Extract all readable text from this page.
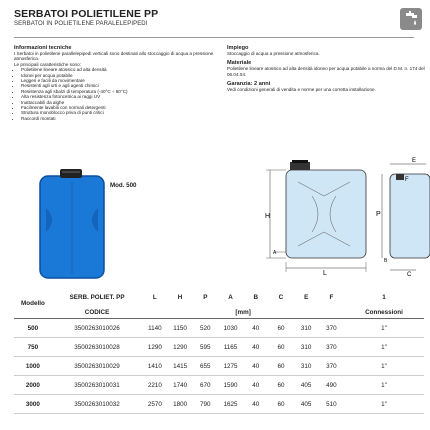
SERBATOI POLIETILENE PP
SERBATOI IN POLIETILENE PARALELEPIPEDI
Informazioni tecniche

I Serbatoi in polietilene parallelepipedi verticali sono destinati allo stoccaggio di acqua a pressione atmosferica.

Le principali caratteristiche sono:

• Polietilene lineare atossico ad alta densità
• Idonei per acqua potabile
• Leggeri e facili da movimentare
• Resistenti agli urti e agli agenti chimici
• Resistenza agli sbalzi di temperatura (-40°C ÷ 60°C)
• Alta resistenza fotoncetrica ai raggi UV
• Inattaccabili da alghe
• Facilmente lavabili con normali detergenti
• Struttura monoblocco priva di punti critici
• Raccordi montati
Impiego

Stoccaggio di acqua a pressione atmosferica.

Materiale

Polietilene lineare atossico ad alta densità idoneo per acqua potabile a norma del D.M. n. 174 del 06.04.04.

Garanzia: 2 anni

Vedi condizioni generali di vendita e norme per una corretta installazione.

Mod. 500
H
A
L
P
E
F
C
B
Modello	SERB. POLIET. PP	L	H	P	A	B	C	E	F	1
	CODICE	[mm]								Connessioni
500	3500263010026	1140	1150	520	1030	40	60	310	370	1"
750	3500263010028	1290	1290	595	1165	40	60	310	370	1"
1000	3500263010029	1410	1415	655	1275	40	60	310	370	1"
2000	3500263010031	2210	1740	670	1590	40	60	405	490	1"
3000	3500263010032	2570	1800	790	1625	40	60	405	510	1"
